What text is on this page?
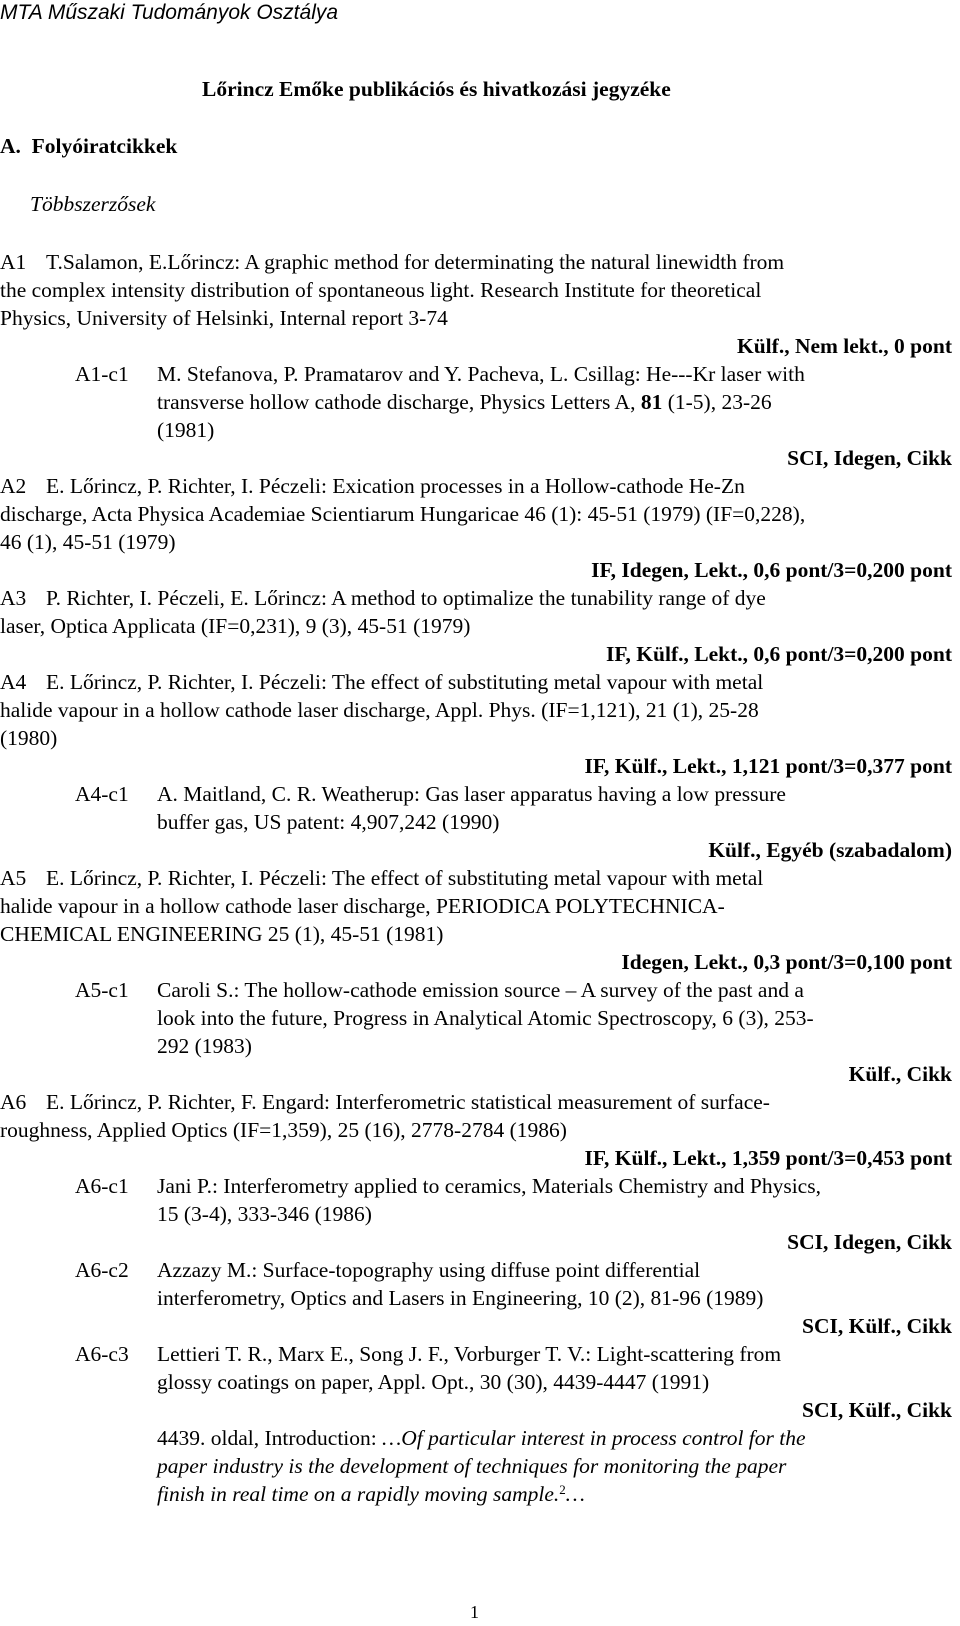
MTA Műszaki Tudományok Osztálya
Lőrincz Emőke publikációs és hivatkozási jegyzéke
A.  Folyóiratcikkek
Többszerzősek
A1 T.Salamon, E.Lőrincz: A graphic method for determinating the natural linewidth from
the complex intensity distribution of spontaneous light. Research Institute for theoretical
Physics, University of Helsinki, Internal report 3-74
Külf., Nem lekt., 0 pont
A1-c1 M. Stefanova, P. Pramatarov and Y. Pacheva, L. Csillag: He---Kr laser with
transverse hollow cathode discharge, Physics Letters A, 81 (1-5), 23-26
(1981)
SCI, Idegen, Cikk
A2 E. Lőrincz, P. Richter, I. Péczeli: Exication processes in a Hollow-cathode He-Zn
discharge, Acta Physica Academiae Scientiarum Hungaricae 46 (1): 45-51 (1979) (IF=0,228),
46 (1), 45-51 (1979)
IF, Idegen, Lekt., 0,6 pont/3=0,200 pont
A3 P. Richter, I. Péczeli, E. Lőrincz: A method to optimalize the tunability range of dye
laser, Optica Applicata (IF=0,231), 9 (3), 45-51 (1979)
IF, Külf., Lekt., 0,6 pont/3=0,200 pont
A4 E. Lőrincz, P. Richter, I. Péczeli: The effect of substituting metal vapour with metal
halide vapour in a hollow cathode laser discharge, Appl. Phys. (IF=1,121), 21 (1), 25-28
(1980)
IF, Külf., Lekt., 1,121 pont/3=0,377 pont
A4-c1 A. Maitland, C. R. Weatherup: Gas laser apparatus having a low pressure
buffer gas, US patent: 4,907,242 (1990)
Külf., Egyéb (szabadalom)
A5 E. Lőrincz, P. Richter, I. Péczeli: The effect of substituting metal vapour with metal
halide vapour in a hollow cathode laser discharge, PERIODICA POLYTECHNICA-
CHEMICAL ENGINEERING 25 (1), 45-51 (1981)
Idegen, Lekt., 0,3 pont/3=0,100 pont
A5-c1 Caroli S.: The hollow-cathode emission source – A survey of the past and a
look into the future, Progress in Analytical Atomic Spectroscopy, 6 (3), 253-
292 (1983)
Külf., Cikk
A6 E. Lőrincz, P. Richter, F. Engard: Interferometric statistical measurement of surface-
roughness, Applied Optics (IF=1,359), 25 (16), 2778-2784 (1986)
IF, Külf., Lekt., 1,359 pont/3=0,453 pont
A6-c1 Jani P.: Interferometry applied to ceramics, Materials Chemistry and Physics,
15 (3-4), 333-346 (1986)
SCI, Idegen, Cikk
A6-c2 Azzazy M.: Surface-topography using diffuse point differential
interferometry, Optics and Lasers in Engineering, 10 (2), 81-96 (1989)
SCI, Külf., Cikk
A6-c3 Lettieri T. R., Marx E., Song J. F., Vorburger T. V.: Light-scattering from
glossy coatings on paper, Appl. Opt., 30 (30), 4439-4447 (1991)
SCI, Külf., Cikk
4439. oldal, Introduction: …Of particular interest in process control for the
paper industry is the development of techniques for monitoring the paper
finish in real time on a rapidly moving sample.$^2$…
1
